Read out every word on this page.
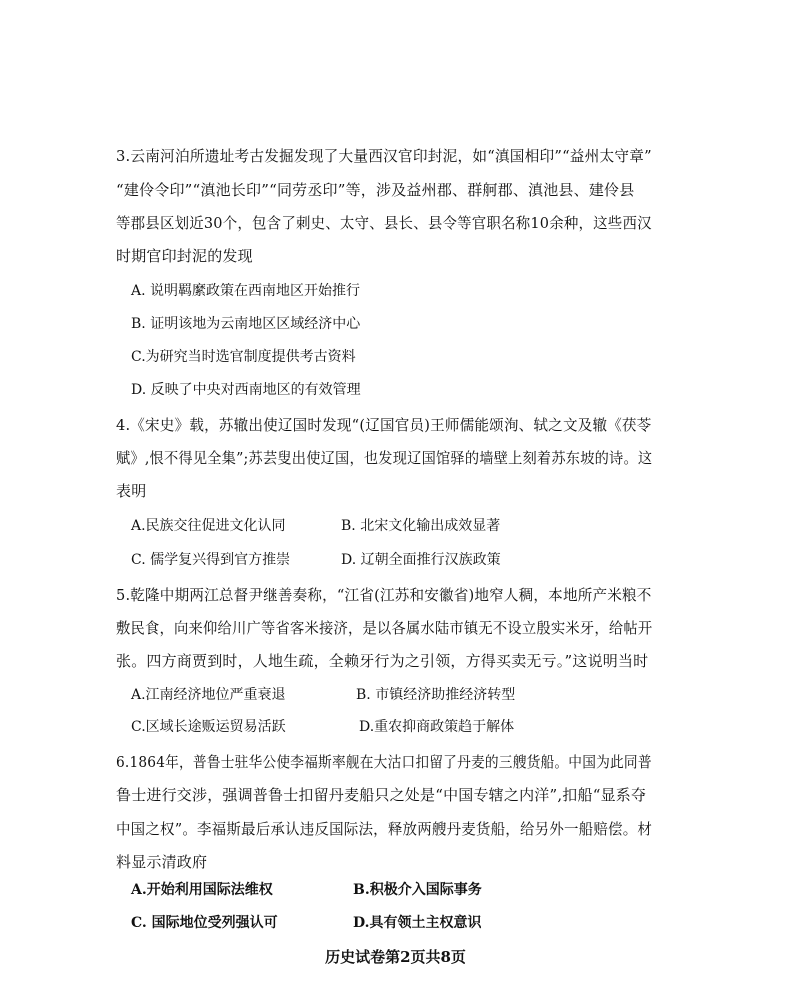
3.云南河泊所遗址考古发掘发现了大量西汉官印封泥，如“滇国相印”“益州太守章”
“建伶令印”“滇池长印”“同劳丞印”等，涉及益州郡、群舸郡、滇池县、建伶县
等郡县区划近30个，包含了刺史、太守、县长、县令等官职名称10余种，这些西汉
时期官印封泥的发现
A. 说明羁縻政策在西南地区开始推行
B. 证明该地为云南地区区域经济中心
C.为研究当时选官制度提供考古资料
D. 反映了中央对西南地区的有效管理
4.《宋史》载，苏辙出使辽国时发现“(辽国官员)王师儒能颂洵、轼之文及辙《茯苓
赋》,恨不得见全集”;苏芸叟出使辽国，也发现辽国馆驿的墙壁上刻着苏东坡的诗。这
表明
A.民族交往促进文化认同	B. 北宋文化输出成效显著
C. 儒学复兴得到官方推崇	D. 辽朝全面推行汉族政策
5.乾隆中期两江总督尹继善奏称，“江省(江苏和安徽省)地窄人稠，本地所产米粮不
敷民食，向来仰给川广等省客米接济，是以各属水陆市镇无不设立殷实米牙，给帖开
张。四方商贾到时，人地生疏，全赖牙行为之引领，方得买卖无亏。”这说明当时
A.江南经济地位严重衰退	B. 市镇经济助推经济转型
C.区域长途贩运贸易活跃	D.重农抑商政策趋于解体
6.1864年，普鲁士驻华公使李福斯率舰在大沽口扣留了丹麦的三艘货船。中国为此同普
鲁士进行交涉，强调普鲁士扣留丹麦船只之处是“中国专辖之内洋”,扣船“显系夺
中国之权”。李福斯最后承认违反国际法，释放两艘丹麦货船，给另外一船赔偿。材
料显示清政府
A.开始利用国际法维权	B.积极介入国际事务
C. 国际地位受列强认可	D.具有领土主权意识
历史试卷第2页共8页
